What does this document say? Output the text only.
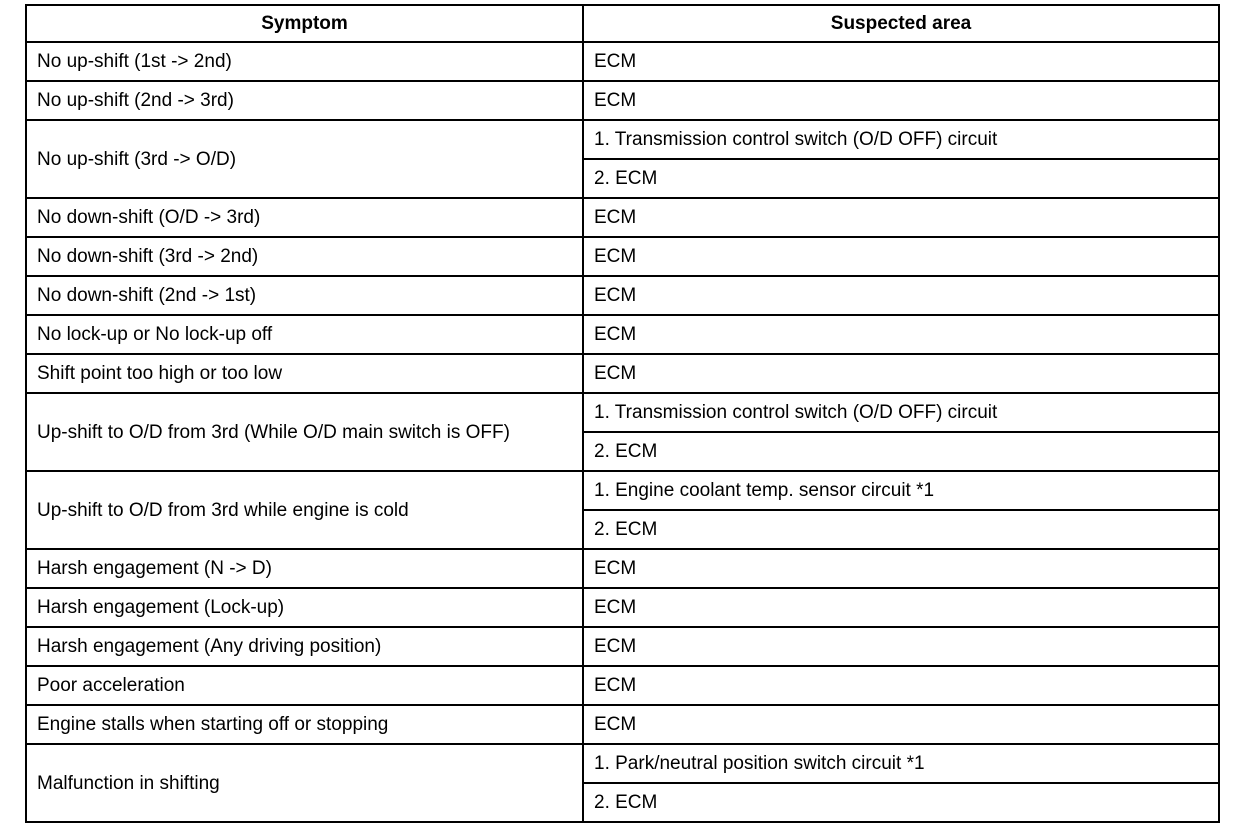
Symptom	Suspected area
No up-shift (1st -> 2nd)	ECM
No up-shift (2nd -> 3rd)	ECM
No up-shift (3rd -> O/D)	1. Transmission control switch (O/D OFF) circuit
	2. ECM
No down-shift (O/D -> 3rd)	ECM
No down-shift (3rd -> 2nd)	ECM
No down-shift (2nd -> 1st)	ECM
No lock-up or No lock-up off	ECM
Shift point too high or too low	ECM
Up-shift to O/D from 3rd (While O/D main switch is OFF)	1. Transmission control switch (O/D OFF) circuit
	2. ECM
Up-shift to O/D from 3rd while engine is cold	1. Engine coolant temp. sensor circuit *1
	2. ECM
Harsh engagement (N -> D)	ECM
Harsh engagement (Lock-up)	ECM
Harsh engagement (Any driving position)	ECM
Poor acceleration	ECM
Engine stalls when starting off or stopping	ECM
Malfunction in shifting	1. Park/neutral position switch circuit *1
	2. ECM
